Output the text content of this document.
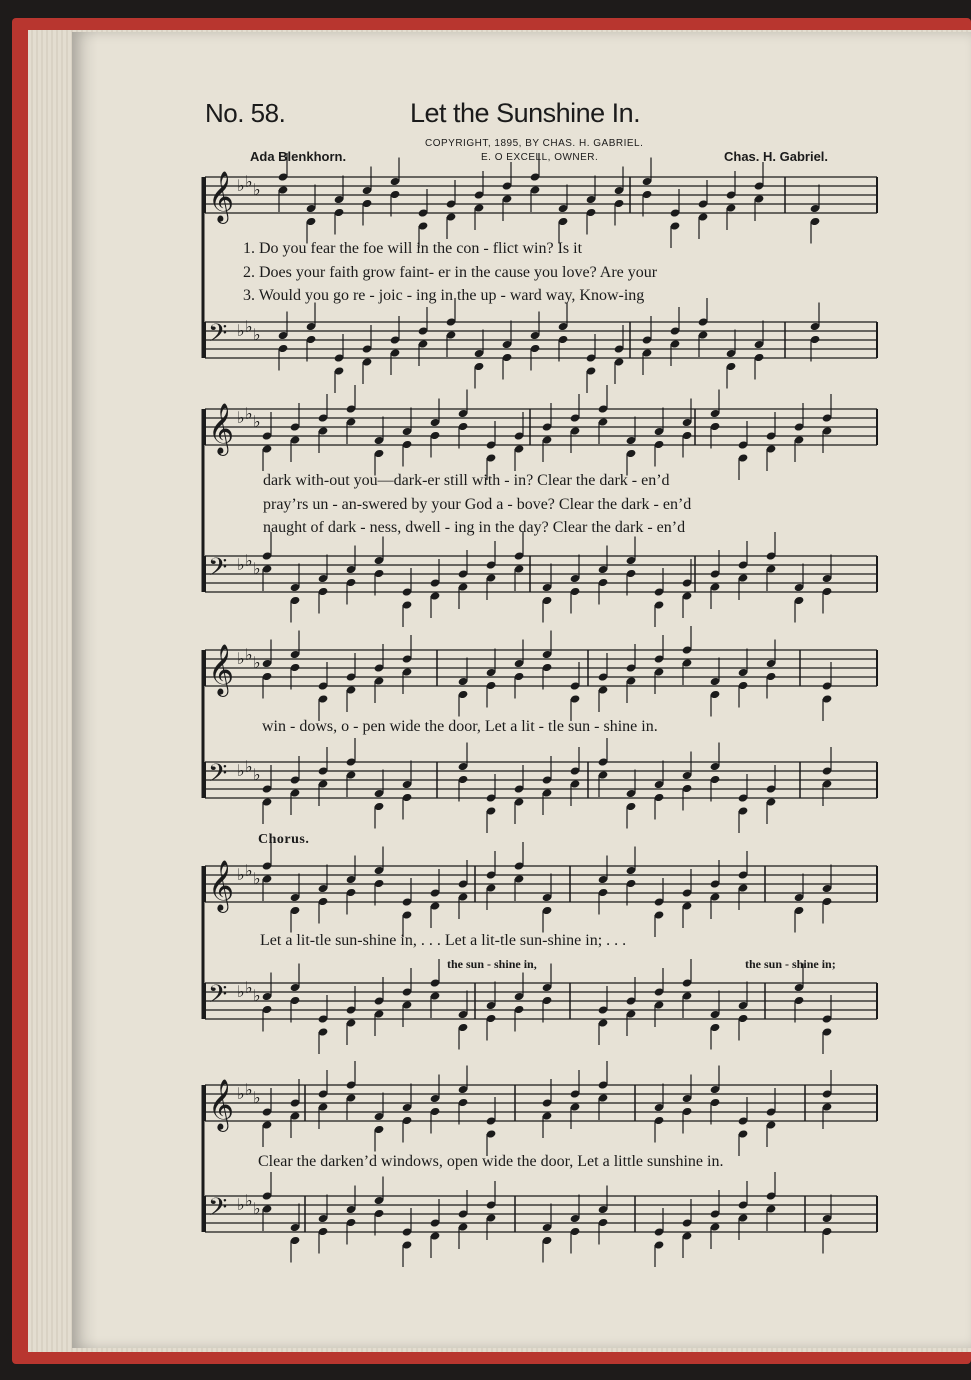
No. 58.	Let the Sunshine In.
COPYRIGHT, 1895, BY CHAS. H. GABRIEL.
E. O EXCELL, OWNER.
Ada Blenkhorn.	Chas. H. Gabriel.
1. Do you fear the foe will in the con - flict win? Is it
2. Does your faith grow faint- er in the cause you love? Are your
3. Would you go re - joic - ing in the up - ward way, Know-ing
dark with-out you—dark-er still with - in? Clear the dark - en’d
pray’rs un - an-swered by your God a - bove? Clear the dark - en’d
naught of dark - ness, dwell - ing in the day? Clear the dark - en’d
win - dows, o - pen wide the door, Let a lit - tle sun - shine in.
Chorus.
Let a lit-tle sun-shine in, . . . Let a lit-tle sun-shine in; . . .
the sun - shine in,	the sun - shine in;
Clear the darken’d windows, open wide the door, Let a little sunshine in.
𝄞 ♭ ♭ ♭
𝄢 ♭ ♭ ♭
𝄞 ♭ ♭ ♭
𝄢 ♭ ♭ ♭
𝄞 ♭ ♭ ♭
𝄢 ♭ ♭ ♭
𝄞 ♭ ♭ ♭
𝄢 ♭ ♭ ♭
𝄞 ♭ ♭ ♭
𝄢 ♭ ♭ ♭
